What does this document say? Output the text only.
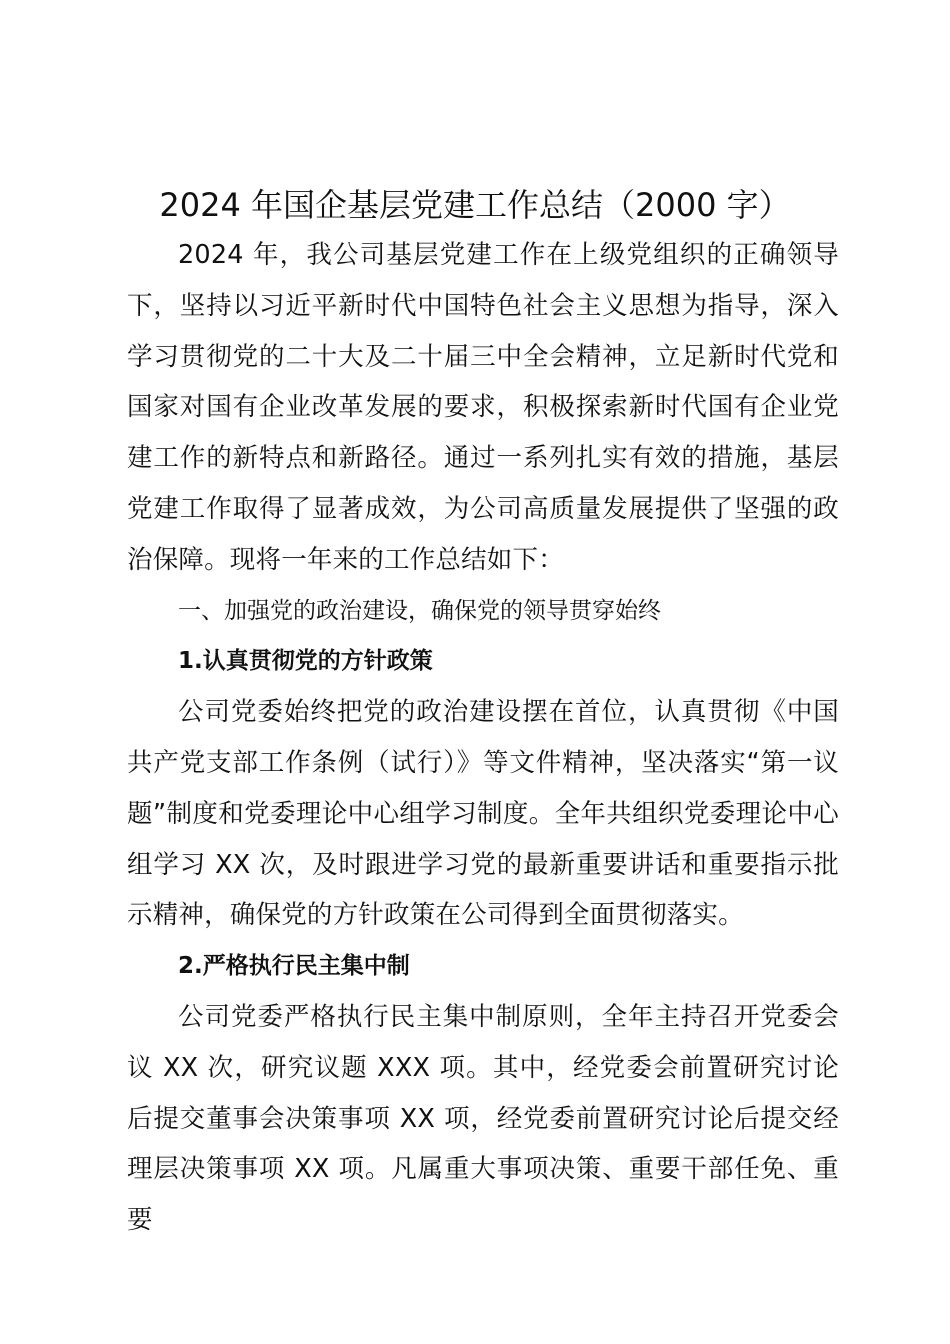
2024 年国企基层党建工作总结（2000 字）

2024 年，我公司基层党建工作在上级党组织的正确领导下，坚持以习近平新时代中国特色社会主义思想为指导，深入学习贯彻党的二十大及二十届三中全会精神，立足新时代党和国家对国有企业改革发展的要求，积极探索新时代国有企业党建工作的新特点和新路径。通过一系列扎实有效的措施，基层党建工作取得了显著成效，为公司高质量发展提供了坚强的政治保障。现将一年来的工作总结如下：

一、加强党的政治建设，确保党的领导贯穿始终

1.认真贯彻党的方针政策

公司党委始终把党的政治建设摆在首位，认真贯彻《中国共产党支部工作条例（试行）》等文件精神，坚决落实“第一议题”制度和党委理论中心组学习制度。全年共组织党委理论中心组学习 XX 次，及时跟进学习党的最新重要讲话和重要指示批示精神，确保党的方针政策在公司得到全面贯彻落实。

2.严格执行民主集中制

公司党委严格执行民主集中制原则，全年主持召开党委会议 XX 次，研究议题 XXX 项。其中，经党委会前置研究讨论后提交董事会决策事项 XX 项，经党委前置研究讨论后提交经理层决策事项 XX 项。凡属重大事项决策、重要干部任免、重要
